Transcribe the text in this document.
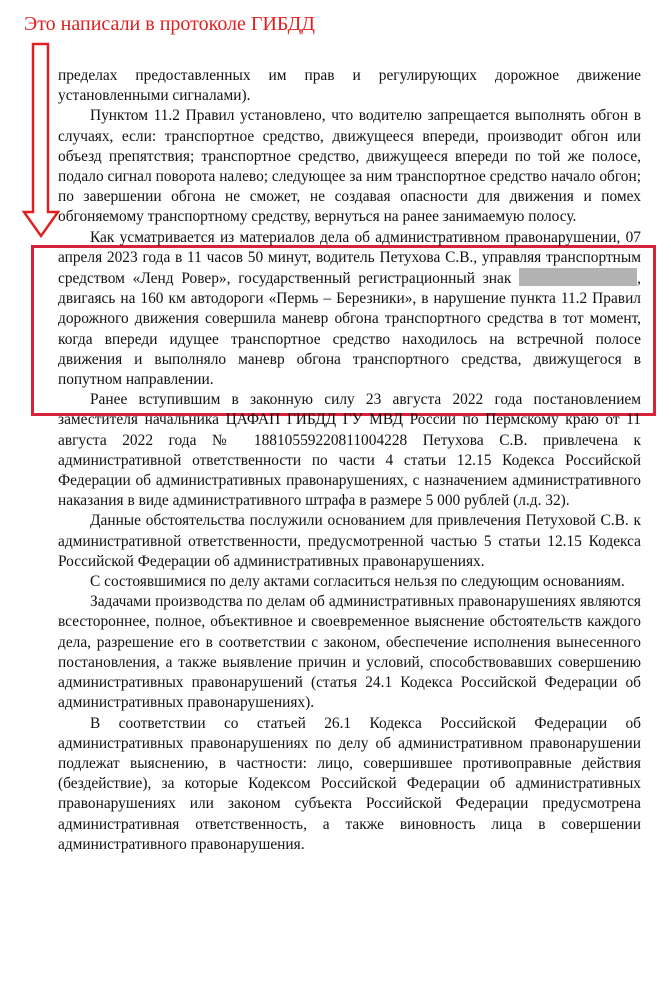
Это написали в протоколе ГИБДД

пределах предоставленных им прав и регулирующих дорожное движение установленными сигналами).

Пунктом 11.2 Правил установлено, что водителю запрещается выполнять обгон в случаях, если: транспортное средство, движущееся впереди, производит обгон или объезд препятствия; транспортное средство, движущееся впереди по той же полосе, подало сигнал поворота налево; следующее за ним транспортное средство начало обгон; по завершении обгона не сможет, не создавая опасности для движения и помех обгоняемому транспортному средству, вернуться на ранее занимаемую полосу.

Как усматривается из материалов дела об административном правонарушении, 07 апреля 2023 года в 11 часов 50 минут, водитель Петухова С.В., управляя транспортным средством «Ленд Ровер», государственный регистрационный знак	, двигаясь на 160 км автодороги «Пермь – Березники», в нарушение пункта 11.2 Правил дорожного движения совершила маневр обгона транспортного средства в тот момент, когда впереди идущее транспортное средство находилось на встречной полосе движения и выполняло маневр обгона транспортного средства, движущегося в попутном направлении.

Ранее вступившим в законную силу 23 августа 2022 года постановлением заместителя начальника ЦАФАП ГИБДД ГУ МВД России по Пермскому краю от 11 августа 2022 года № 18810559220811004228 Петухова С.В. привлечена к административной ответственности по части 4 статьи 12.15 Кодекса Российской Федерации об административных правонарушениях, с назначением административного наказания в виде административного штрафа в размере 5 000 рублей (л.д. 32).

Данные обстоятельства послужили основанием для привлечения Петуховой С.В. к административной ответственности, предусмотренной частью 5 статьи 12.15 Кодекса Российской Федерации об административных правонарушениях.

С состоявшимися по делу актами согласиться нельзя по следующим основаниям.

Задачами производства по делам об административных правонарушениях являются всестороннее, полное, объективное и своевременное выяснение обстоятельств каждого дела, разрешение его в соответствии с законом, обеспечение исполнения вынесенного постановления, а также выявление причин и условий, способствовавших совершению административных правонарушений (статья 24.1 Кодекса Российской Федерации об административных правонарушениях).

В соответствии со статьей 26.1 Кодекса Российской Федерации об административных правонарушениях по делу об административном правонарушении подлежат выяснению, в частности: лицо, совершившее противоправные действия (бездействие), за которые Кодексом Российской Федерации об административных правонарушениях или законом субъекта Российской Федерации предусмотрена административная ответственность, а также виновность лица в совершении административного правонарушения.
